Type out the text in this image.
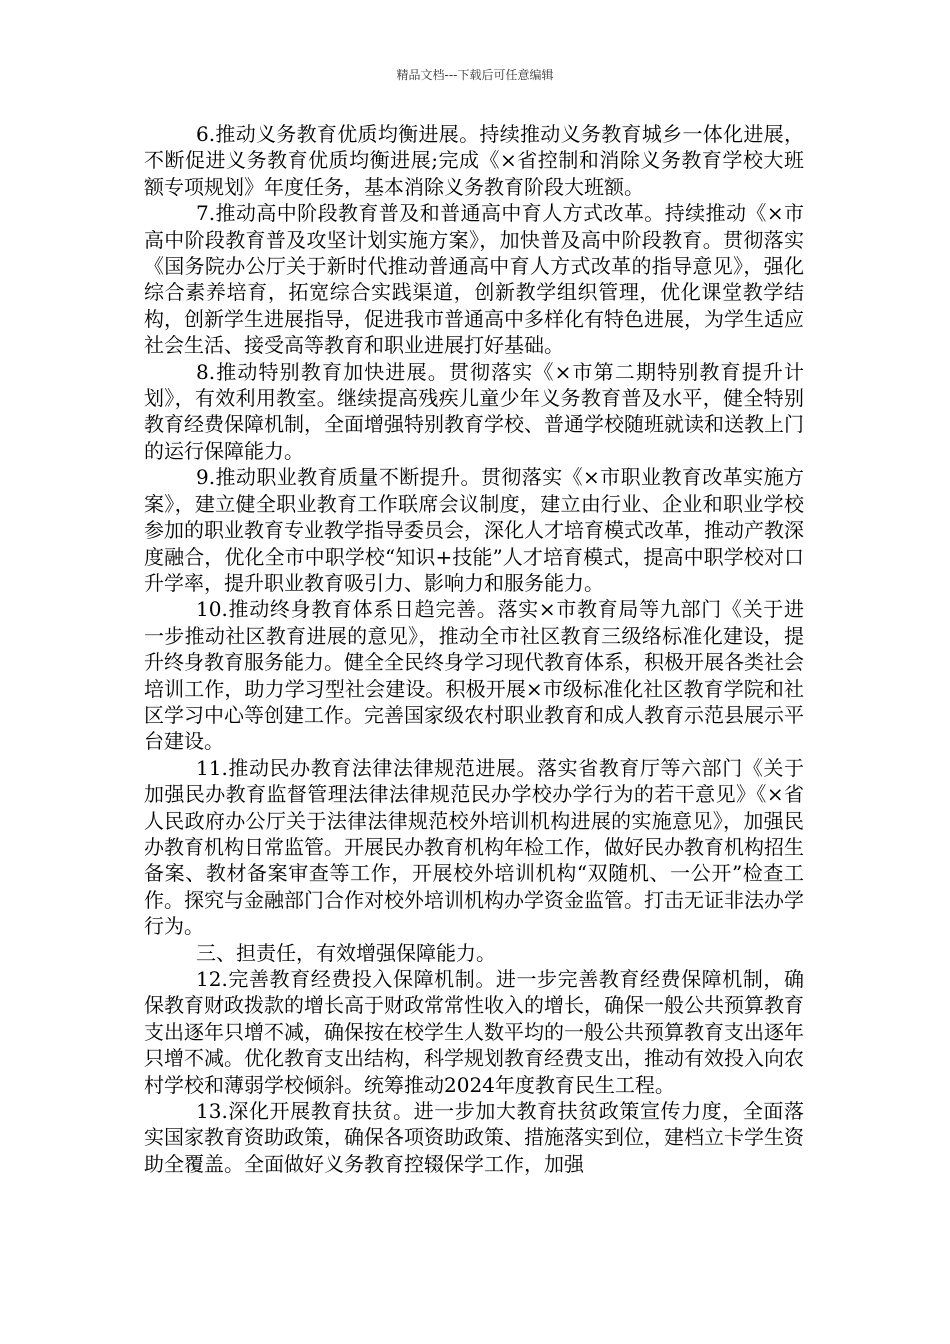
精品文档---下载后可任意编辑

6.推动义务教育优质均衡进展。持续推动义务教育城乡一体化进展，不断促进义务教育优质均衡进展;完成《×省控制和消除义务教育学校大班额专项规划》年度任务，基本消除义务教育阶段大班额。

7.推动高中阶段教育普及和普通高中育人方式改革。持续推动《×市高中阶段教育普及攻坚计划实施方案》，加快普及高中阶段教育。贯彻落实《国务院办公厅关于新时代推动普通高中育人方式改革的指导意见》，强化综合素养培育，拓宽综合实践渠道，创新教学组织管理，优化课堂教学结构，创新学生进展指导，促进我市普通高中多样化有特色进展，为学生适应社会生活、接受高等教育和职业进展打好基础。

8.推动特别教育加快进展。贯彻落实《×市第二期特别教育提升计划》，有效利用教室。继续提高残疾儿童少年义务教育普及水平，健全特别教育经费保障机制，全面增强特别教育学校、普通学校随班就读和送教上门的运行保障能力。

9.推动职业教育质量不断提升。贯彻落实《×市职业教育改革实施方案》，建立健全职业教育工作联席会议制度，建立由行业、企业和职业学校参加的职业教育专业教学指导委员会，深化人才培育模式改革，推动产教深度融合，优化全市中职学校“知识+技能”人才培育模式，提高中职学校对口升学率，提升职业教育吸引力、影响力和服务能力。

10.推动终身教育体系日趋完善。落实×市教育局等九部门《关于进一步推动社区教育进展的意见》，推动全市社区教育三级络标准化建设，提升终身教育服务能力。健全全民终身学习现代教育体系，积极开展各类社会培训工作，助力学习型社会建设。积极开展×市级标准化社区教育学院和社区学习中心等创建工作。完善国家级农村职业教育和成人教育示范县展示平台建设。

11.推动民办教育法律法律规范进展。落实省教育厅等六部门《关于加强民办教育监督管理法律法律规范民办学校办学行为的若干意见》《×省人民政府办公厅关于法律法律规范校外培训机构进展的实施意见》，加强民办教育机构日常监管。开展民办教育机构年检工作，做好民办教育机构招生备案、教材备案审查等工作，开展校外培训机构“双随机、一公开”检查工作。探究与金融部门合作对校外培训机构办学资金监管。打击无证非法办学行为。

三、担责任，有效增强保障能力。

12.完善教育经费投入保障机制。进一步完善教育经费保障机制，确保教育财政拨款的增长高于财政常常性收入的增长，确保一般公共预算教育支出逐年只增不减，确保按在校学生人数平均的一般公共预算教育支出逐年只增不减。优化教育支出结构，科学规划教育经费支出，推动有效投入向农村学校和薄弱学校倾斜。统筹推动2024年度教育民生工程。

13.深化开展教育扶贫。进一步加大教育扶贫政策宣传力度，全面落实国家教育资助政策，确保各项资助政策、措施落实到位，建档立卡学生资助全覆盖。全面做好义务教育控辍保学工作，加强
